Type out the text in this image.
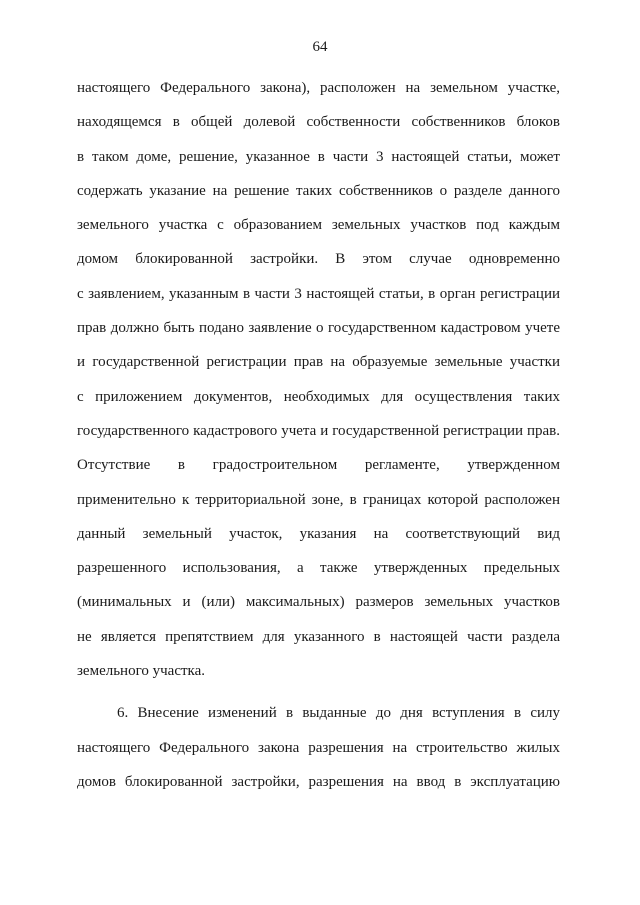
64
настоящего Федерального закона), расположен на земельном участке,
находящемся в общей долевой собственности собственников блоков
в таком доме, решение, указанное в части 3 настоящей статьи, может
содержать указание на решение таких собственников о разделе данного
земельного участка с образованием земельных участков под каждым
домом блокированной застройки. В этом случае одновременно
с заявлением, указанным в части 3 настоящей статьи, в орган регистрации
прав должно быть подано заявление о государственном кадастровом учете
и государственной регистрации прав на образуемые земельные участки
с приложением документов, необходимых для осуществления таких
государственного кадастрового учета и государственной регистрации прав.
Отсутствие в градостроительном регламенте, утвержденном
применительно к территориальной зоне, в границах которой расположен
данный земельный участок, указания на соответствующий вид
разрешенного использования, а также утвержденных предельных
(минимальных и (или) максимальных) размеров земельных участков
не является препятствием для указанного в настоящей части раздела
земельного участка.
6. Внесение изменений в выданные до дня вступления в силу
настоящего Федерального закона разрешения на строительство жилых
домов блокированной застройки, разрешения на ввод в эксплуатацию
